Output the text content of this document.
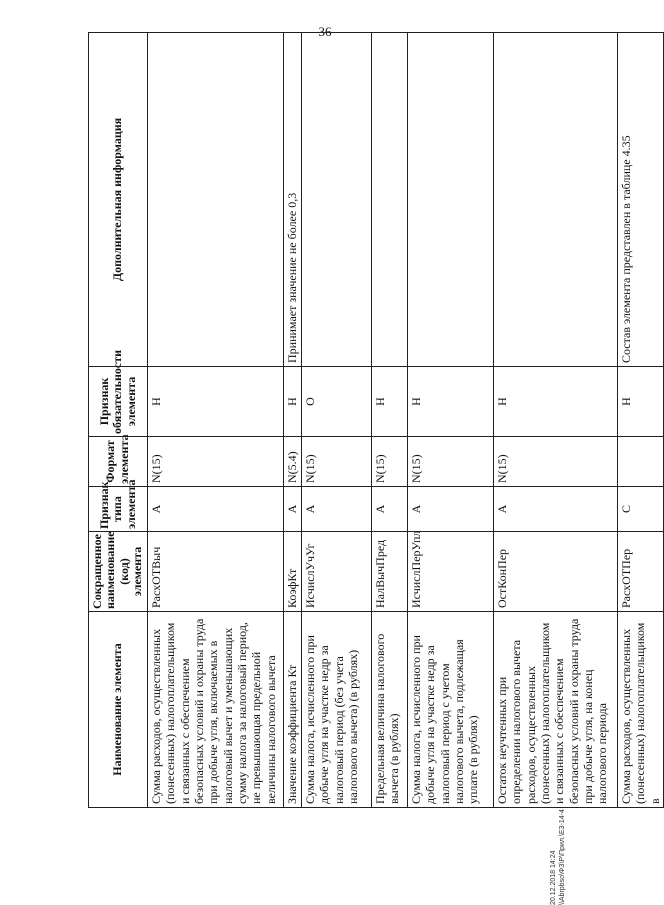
36
Наименование элемента	Сокращенное наименование (код) элемента	Признак типа элемента	Формат элемента	Признак обязательности элемента	Дополнительная информация
Сумма расходов, осуществленных (понесенных) налогоплательщиком и связанных с обеспечением безопасных условий и охраны труда при добыче угля, включаемых в налоговый вычет и уменьшающих сумму налога за налоговый период, не превышающая предельной величины налогового вычета	РасхОТВыч	А	N(15)	Н	
Значение коэффициента Кт	КоэфКт	А	N(5.4)	Н	Принимает значение не более 0,3
Сумма налога, исчисленного при добыче угля на участке недр за налоговый период (без учета налогового вычета) (в рублях)	ИсчислУчУг	А	N(15)	О	
Предельная величина налогового вычета (в рублях)	НалВычПред	А	N(15)	Н	
Сумма налога, исчисленного при добыче угля на участке недр за налоговый период с учетом налогового вычета, подлежащая уплате (в рублях)	ИсчислПерУпл	А	N(15)	Н	
Остаток неучтенных при определении налогового вычета расходов, осуществленных (понесенных) налогоплательщиком и связанных с обеспечением безопасных условий и охраны труда при добыче угля, на конец налогового периода	ОстКонПер	А	N(15)	Н	
Сумма расходов, осуществленных (понесенных) налогоплательщиком в	РасхОТПер	С		Н	Состав элемента представлен в таблице 4.35
20.12.2018 14:24 \\Abrpbso\ФЗ\Р\Прил.\ЕЗ-14-4
